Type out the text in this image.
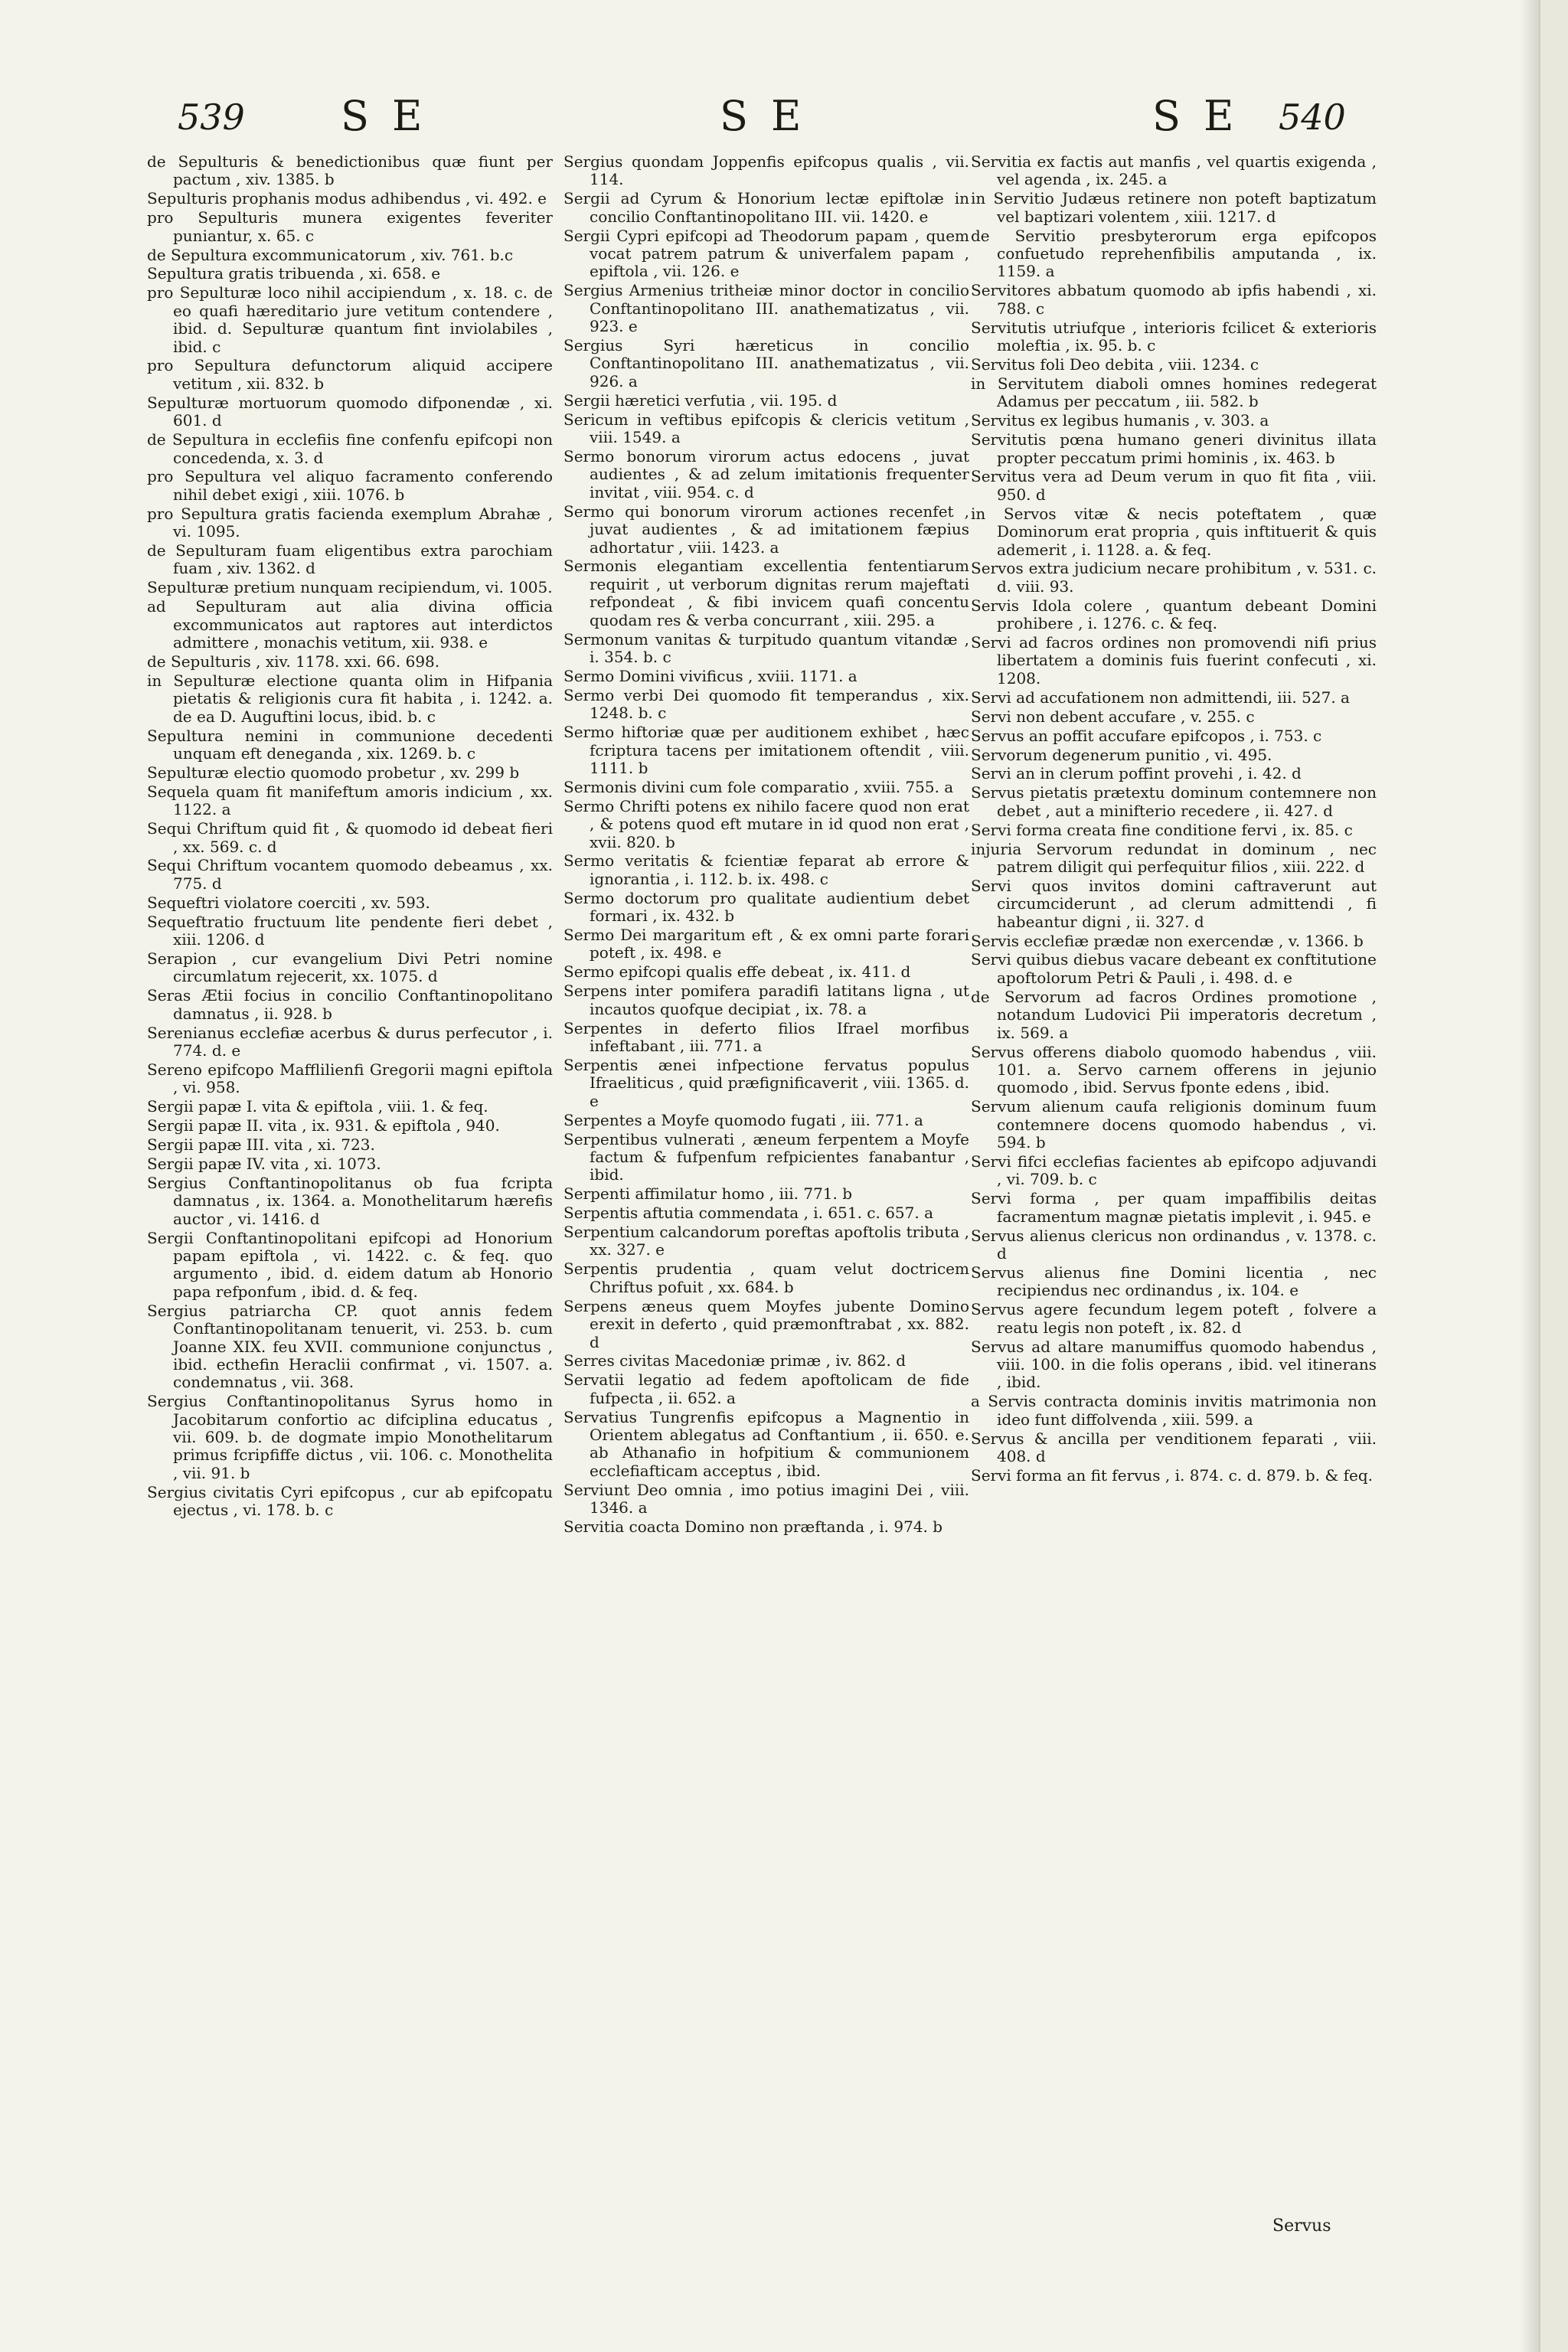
539 SE	SE	SE 540

de Sepulturis & benedictionibus quæ fiunt per pactum , xiv. 1385. b

Sepulturis prophanis modus adhibendus , vi. 492. e

pro Sepulturis munera exigentes feveriter puniantur, x. 65. c

de Sepultura excommunicatorum , xiv. 761. b.c

Sepultura gratis tribuenda , xi. 658. e

pro Sepulturæ loco nihil accipiendum , x. 18. c. de eo quafi hæreditario jure vetitum contendere , ibid. d. Sepulturæ quantum fint inviolabiles , ibid. c

pro Sepultura defunctorum aliquid accipere vetitum , xii. 832. b

Sepulturæ mortuorum quomodo difponendæ , xi. 601. d

de Sepultura in ecclefiis fine confenfu epifcopi non concedenda, x. 3. d

pro Sepultura vel aliquo facramento conferendo nihil debet exigi , xiii. 1076. b

pro Sepultura gratis facienda exemplum Abrahæ , vi. 1095.

de Sepulturam fuam eligentibus extra parochiam fuam , xiv. 1362. d

Sepulturæ pretium nunquam recipiendum, vi. 1005.

ad Sepulturam aut alia divina officia excommunicatos aut raptores aut interdictos admittere , monachis vetitum, xii. 938. e

de Sepulturis , xiv. 1178. xxi. 66. 698.

in Sepulturæ electione quanta olim in Hifpania pietatis & religionis cura fit habita , i. 1242. a. de ea D. Auguftini locus, ibid. b. c

Sepultura nemini in communione decedenti unquam eft deneganda , xix. 1269. b. c

Sepulturæ electio quomodo probetur , xv. 299 b

Sequela quam fit manifeftum amoris indicium , xx. 1122. a

Sequi Chriftum quid fit , & quomodo id debeat fieri , xx. 569. c. d

Sequi Chriftum vocantem quomodo debeamus , xx. 775. d

Sequeftri violatore coerciti , xv. 593.

Sequeftratio fructuum lite pendente fieri debet , xiii. 1206. d

Serapion , cur evangelium Divi Petri nomine circumlatum rejecerit, xx. 1075. d

Seras Ætii focius in concilio Conftantinopolitano damnatus , ii. 928. b

Serenianus ecclefiæ acerbus & durus perfecutor , i. 774. d. e

Sereno epifcopo Mafflilienfi Gregorii magni epiftola , vi. 958.

Sergii papæ I. vita & epiftola , viii. 1. & feq.

Sergii papæ II. vita , ix. 931. & epiftola , 940.

Sergii papæ III. vita , xi. 723.

Sergii papæ IV. vita , xi. 1073.

Sergius Conftantinopolitanus ob fua fcripta damnatus , ix. 1364. a. Monothelitarum hærefis auctor , vi. 1416. d

Sergii Conftantinopolitani epifcopi ad Honorium papam epiftola , vi. 1422. c. & feq. quo argumento , ibid. d. eidem datum ab Honorio papa refponfum , ibid. d. & feq.

Sergius patriarcha CP. quot annis fedem Conftantinopolitanam tenuerit, vi. 253. b. cum Joanne XIX. feu XVII. communione conjunctus , ibid. ecthefin Heraclii confirmat , vi. 1507. a. condemnatus , vii. 368.

Sergius Conftantinopolitanus Syrus homo in Jacobitarum confortio ac difciplina educatus , vii. 609. b. de dogmate impio Monothelitarum primus fcripfiffe dictus , vii. 106. c. Monothelita , vii. 91. b

Sergius civitatis Cyri epifcopus , cur ab epifcopatu ejectus , vi. 178. b. c

Sergius quondam Joppenfis epifcopus qualis , vii. 114.

Sergii ad Cyrum & Honorium lectæ epiftolæ in concilio Conftantinopolitano III. vii. 1420. e

Sergii Cypri epifcopi ad Theodorum papam , quem vocat patrem patrum & univerfalem papam , epiftola , vii. 126. e

Sergius Armenius tritheiæ minor doctor in concilio Conftantinopolitano III. anathematizatus , vii. 923. e

Sergius Syri hæreticus in concilio Conftantinopolitano III. anathematizatus , vii. 926. a

Sergii hæretici verfutia , vii. 195. d

Sericum in veftibus epifcopis & clericis vetitum , viii. 1549. a

Sermo bonorum virorum actus edocens , juvat audientes , & ad zelum imitationis frequenter invitat , viii. 954. c. d

Sermo qui bonorum virorum actiones recenfet , juvat audientes , & ad imitationem fæpius adhortatur , viii. 1423. a

Sermonis elegantiam excellentia fententiarum requirit , ut verborum dignitas rerum majeftati refpondeat , & fibi invicem quafi concentu quodam res & verba concurrant , xiii. 295. a

Sermonum vanitas & turpitudo quantum vitandæ , i. 354. b. c

Sermo Domini vivificus , xviii. 1171. a

Sermo verbi Dei quomodo fit temperandus , xix. 1248. b. c

Sermo hiftoriæ quæ per auditionem exhibet , hæc fcriptura tacens per imitationem oftendit , viii. 1111. b

Sermonis divini cum fole comparatio , xviii. 755. a

Sermo Chrifti potens ex nihilo facere quod non erat , & potens quod eft mutare in id quod non erat , xvii. 820. b

Sermo veritatis & fcientiæ feparat ab errore & ignorantia , i. 112. b. ix. 498. c

Sermo doctorum pro qualitate audientium debet formari , ix. 432. b

Sermo Dei margaritum eft , & ex omni parte forari poteft , ix. 498. e

Sermo epifcopi qualis effe debeat , ix. 411. d

Serpens inter pomifera paradifi latitans ligna , ut incautos quofque decipiat , ix. 78. a

Serpentes in deferto filios Ifrael morfibus infeftabant , iii. 771. a

Serpentis ænei infpectione fervatus populus Ifraeliticus , quid præfignificaverit , viii. 1365. d. e

Serpentes a Moyfe quomodo fugati , iii. 771. a

Serpentibus vulnerati , æneum ferpentem a Moyfe factum & fufpenfum refpicientes fanabantur , ibid.

Serpenti affimilatur homo , iii. 771. b

Serpentis aftutia commendata , i. 651. c. 657. a

Serpentium calcandorum poreftas apoftolis tributa , xx. 327. e

Serpentis prudentia , quam velut doctricem Chriftus pofuit , xx. 684. b

Serpens æneus quem Moyfes jubente Domino erexit in deferto , quid præmonftrabat , xx. 882. d

Serres civitas Macedoniæ primæ , iv. 862. d

Servatii legatio ad fedem apoftolicam de fide fufpecta , ii. 652. a

Servatius Tungrenfis epifcopus a Magnentio in Orientem ablegatus ad Conftantium , ii. 650. e. ab Athanafio in hofpitium & communionem ecclefiafticam acceptus , ibid.

Serviunt Deo omnia , imo potius imagini Dei , viii. 1346. a

Servitia coacta Domino non præftanda , i. 974. b

Servitia ex factis aut manfis , vel quartis exigenda , vel agenda , ix. 245. a

in Servitio Judæus retinere non poteft baptizatum vel baptizari volentem , xiii. 1217. d

de Servitio presbyterorum erga epifcopos confuetudo reprehenfibilis amputanda , ix. 1159. a

Servitores abbatum quomodo ab ipfis habendi , xi. 788. c

Servitutis utriufque , interioris fcilicet & exterioris moleftia , ix. 95. b. c

Servitus foli Deo debita , viii. 1234. c

in Servitutem diaboli omnes homines redegerat Adamus per peccatum , iii. 582. b

Servitus ex legibus humanis , v. 303. a

Servitutis pœna humano generi divinitus illata propter peccatum primi hominis , ix. 463. b

Servitus vera ad Deum verum in quo fit fita , viii. 950. d

in Servos vitæ & necis poteftatem , quæ Dominorum erat propria , quis inftituerit & quis ademerit , i. 1128. a. & feq.

Servos extra judicium necare prohibitum , v. 531. c. d. viii. 93.

Servis Idola colere , quantum debeant Domini prohibere , i. 1276. c. & feq.

Servi ad facros ordines non promovendi nifi prius libertatem a dominis fuis fuerint confecuti , xi. 1208.

Servi ad accufationem non admittendi, iii. 527. a

Servi non debent accufare , v. 255. c

Servus an poffit accufare epifcopos , i. 753. c

Servorum degenerum punitio , vi. 495.

Servi an in clerum poffint provehi , i. 42. d

Servus pietatis prætextu dominum contemnere non debet , aut a minifterio recedere , ii. 427. d

Servi forma creata fine conditione fervi , ix. 85. c

injuria Servorum redundat in dominum , nec patrem diligit qui perfequitur filios , xiii. 222. d

Servi quos invitos domini caftraverunt aut circumciderunt , ad clerum admittendi , fi habeantur digni , ii. 327. d

Servis ecclefiæ prædæ non exercendæ , v. 1366. b

Servi quibus diebus vacare debeant ex conftitutione apoftolorum Petri & Pauli , i. 498. d. e

de Servorum ad facros Ordines promotione , notandum Ludovici Pii imperatoris decretum , ix. 569. a

Servus offerens diabolo quomodo habendus , viii. 101. a. Servo carnem offerens in jejunio quomodo , ibid. Servus fponte edens , ibid.

Servum alienum caufa religionis dominum fuum contemnere docens quomodo habendus , vi. 594. b

Servi fifci ecclefias facientes ab epifcopo adjuvandi , vi. 709. b. c

Servi forma , per quam impaffibilis deitas facramentum magnæ pietatis implevit , i. 945. e

Servus alienus clericus non ordinandus , v. 1378. c. d

Servus alienus fine Domini licentia , nec recipiendus nec ordinandus , ix. 104. e

Servus agere fecundum legem poteft , folvere a reatu legis non poteft , ix. 82. d

Servus ad altare manumiffus quomodo habendus , viii. 100. in die folis operans , ibid. vel itinerans , ibid.

a Servis contracta dominis invitis matrimonia non ideo funt diffolvenda , xiii. 599. a

Servus & ancilla per venditionem feparati , viii. 408. d

Servi forma an fit fervus , i. 874. c. d. 879. b. & feq.

Servus
